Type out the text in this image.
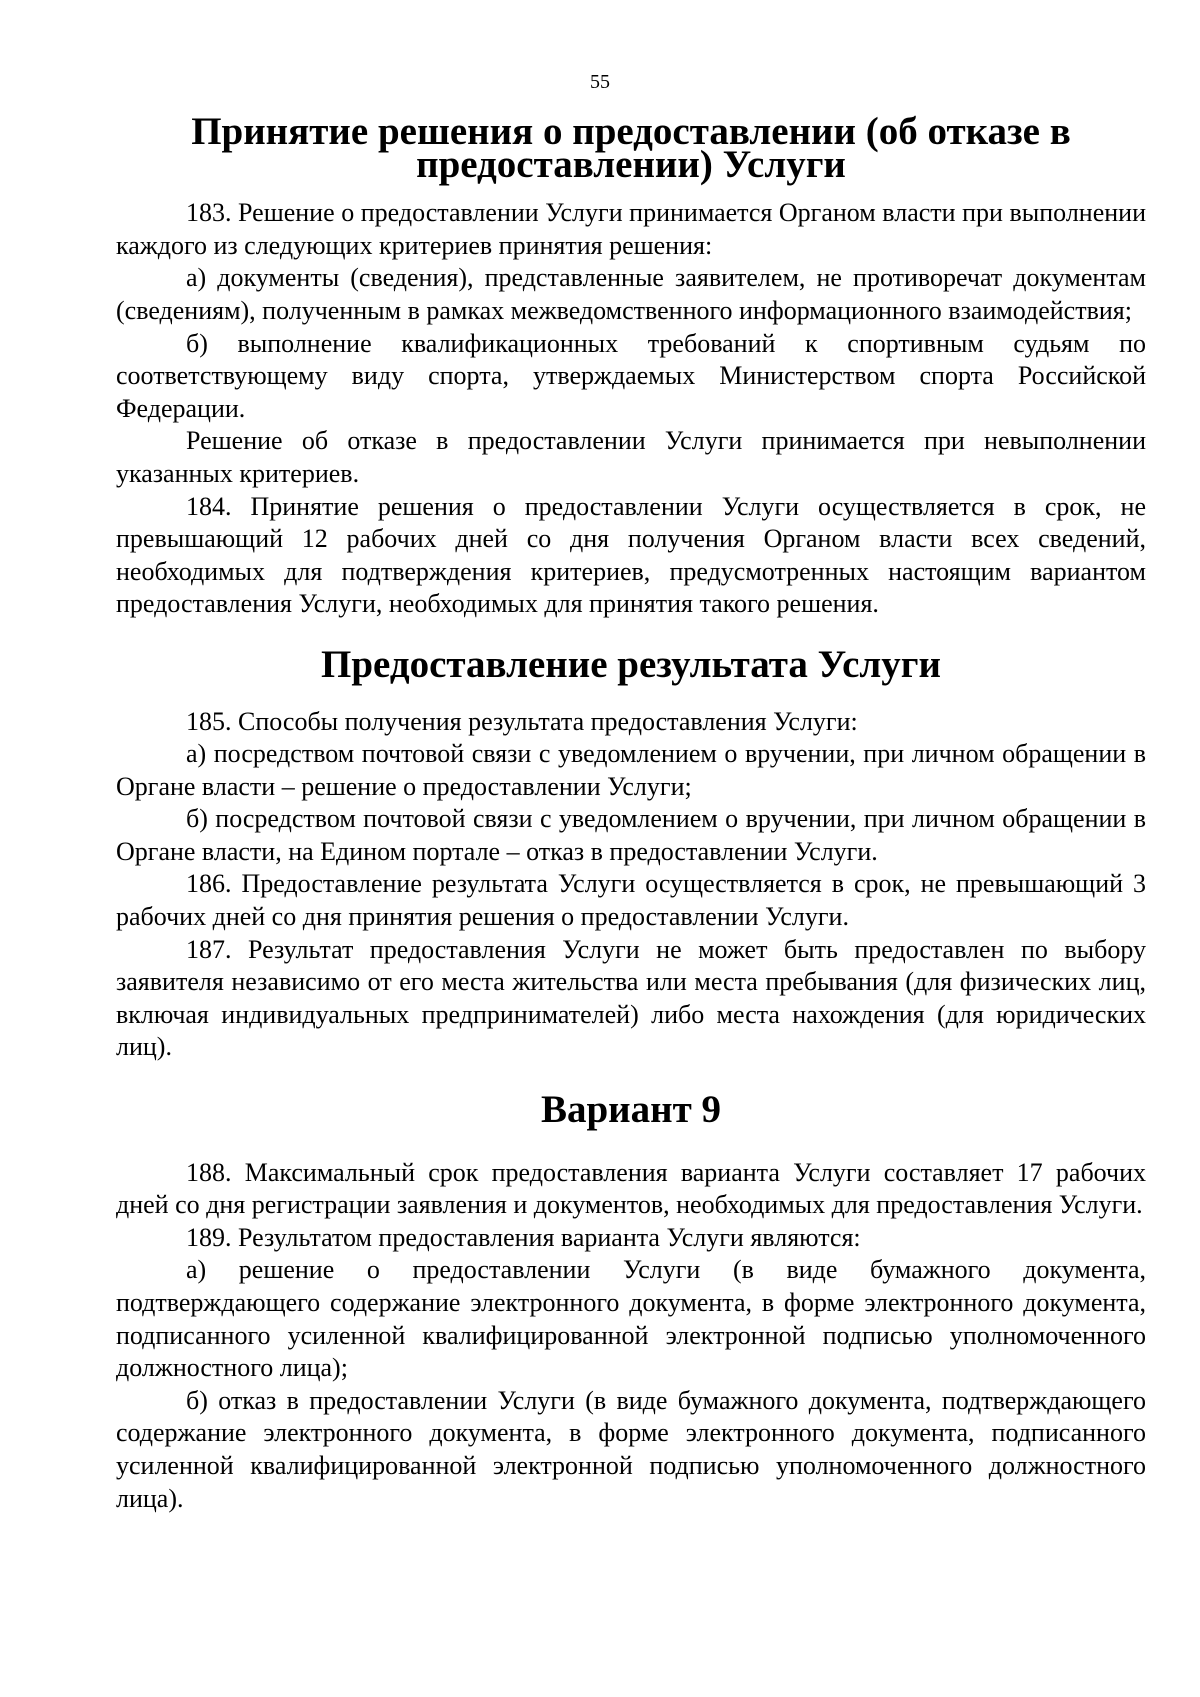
55
Принятие решения о предоставлении (об отказе в предоставлении) Услуги

183. Решение о предоставлении Услуги принимается Органом власти при выполнении каждого из следующих критериев принятия решения:

а) документы (сведения), представленные заявителем, не противоречат документам (сведениям), полученным в рамках межведомственного информационного взаимодействия;

б) выполнение квалификационных требований к спортивным судьям по соответствующему виду спорта, утверждаемых Министерством спорта Российской Федерации.

Решение об отказе в предоставлении Услуги принимается при невыполнении указанных критериев.

184. Принятие решения о предоставлении Услуги осуществляется в срок, не превышающий 12 рабочих дней со дня получения Органом власти всех сведений, необходимых для подтверждения критериев, предусмотренных настоящим вариантом предоставления Услуги, необходимых для принятия такого решения.

Предоставление результата Услуги

185. Способы получения результата предоставления Услуги:

а) посредством почтовой связи с уведомлением о вручении, при личном обращении в Органе власти – решение о предоставлении Услуги;

б) посредством почтовой связи с уведомлением о вручении, при личном обращении в Органе власти, на Едином портале – отказ в предоставлении Услуги.

186. Предоставление результата Услуги осуществляется в срок, не превышающий 3 рабочих дней со дня принятия решения о предоставлении Услуги.

187. Результат предоставления Услуги не может быть предоставлен по выбору заявителя независимо от его места жительства или места пребывания (для физических лиц, включая индивидуальных предпринимателей) либо места нахождения (для юридических лиц).

Вариант 9

188. Максимальный срок предоставления варианта Услуги составляет 17 рабочих дней со дня регистрации заявления и документов, необходимых для предоставления Услуги.

189. Результатом предоставления варианта Услуги являются:

а) решение о предоставлении Услуги (в виде бумажного документа, подтверждающего содержание электронного документа, в форме электронного документа, подписанного усиленной квалифицированной электронной подписью уполномоченного должностного лица);

б) отказ в предоставлении Услуги (в виде бумажного документа, подтверждающего содержание электронного документа, в форме электронного документа, подписанного усиленной квалифицированной электронной подписью уполномоченного должностного лица).
